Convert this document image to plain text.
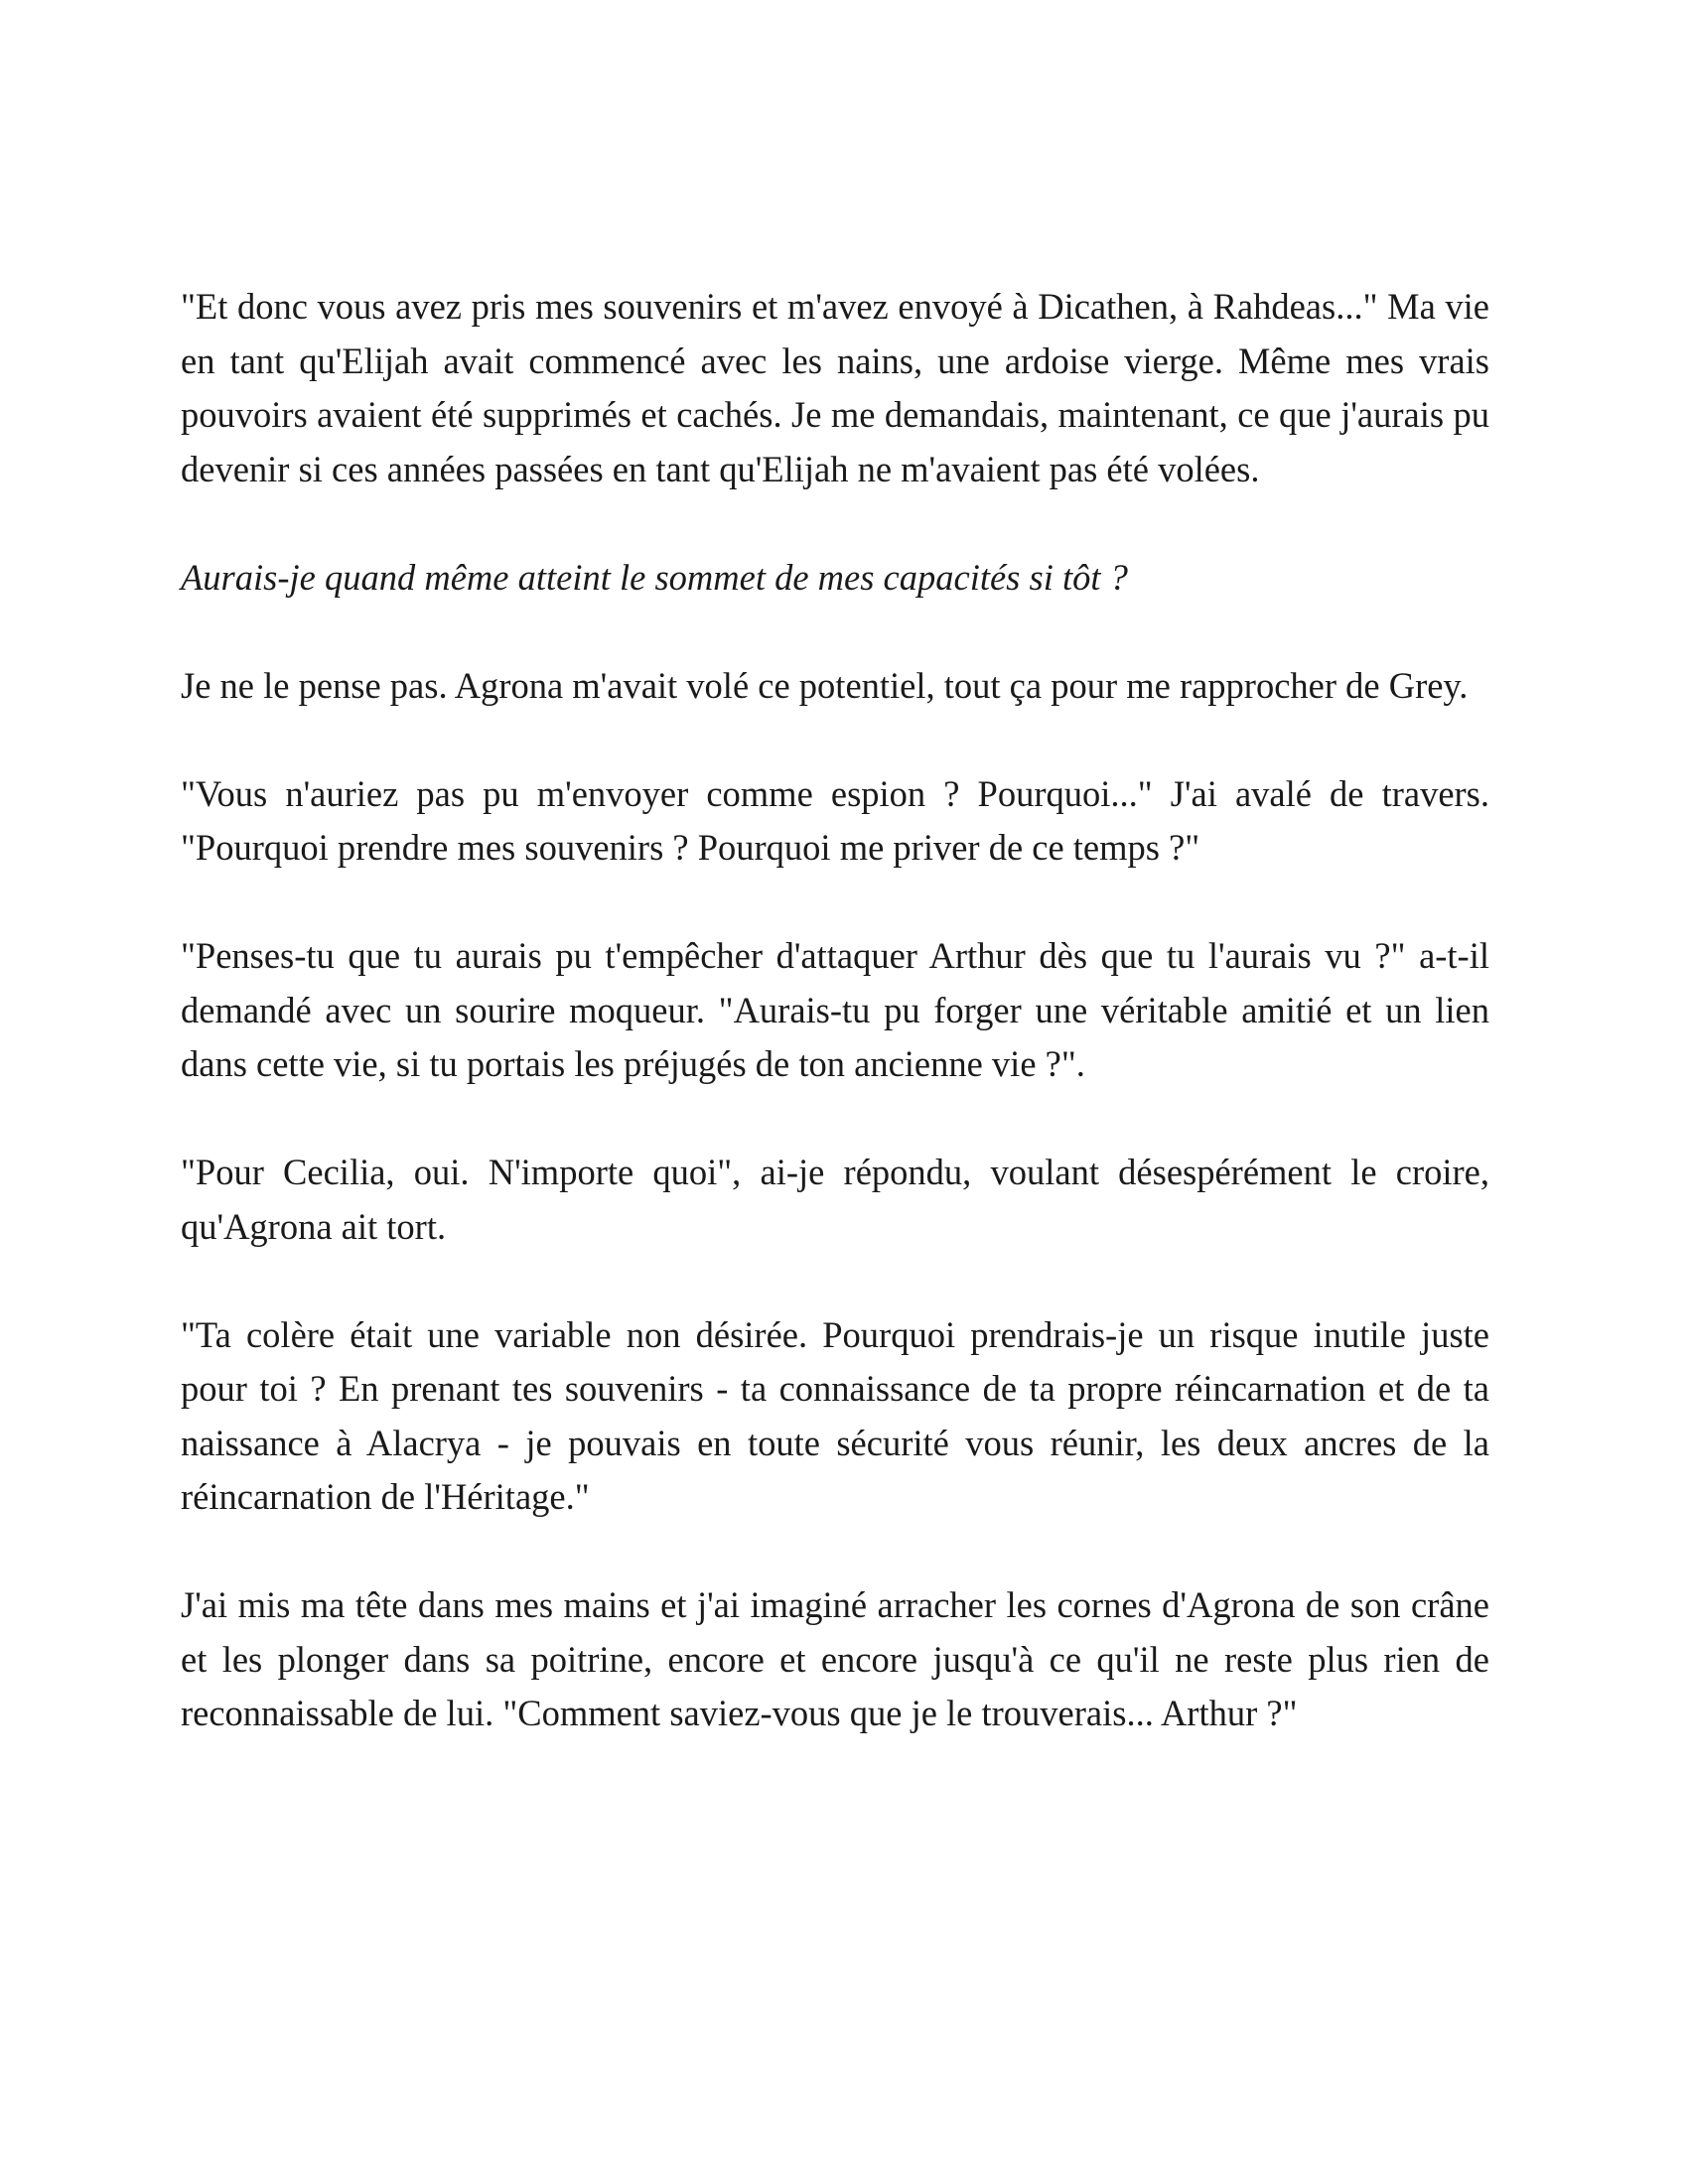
"Et donc vous avez pris mes souvenirs et m'avez envoyé à Dicathen, à Rahdeas..." Ma vie en tant qu'Elijah avait commencé avec les nains, une ardoise vierge. Même mes vrais pouvoirs avaient été supprimés et cachés. Je me demandais, maintenant, ce que j'aurais pu devenir si ces années passées en tant qu'Elijah ne m'avaient pas été volées.

Aurais-je quand même atteint le sommet de mes capacités si tôt ?

Je ne le pense pas. Agrona m'avait volé ce potentiel, tout ça pour me rapprocher de Grey.

"Vous n'auriez pas pu m'envoyer comme espion ? Pourquoi..." J'ai avalé de travers. "Pourquoi prendre mes souvenirs ? Pourquoi me priver de ce temps ?"

"Penses-tu que tu aurais pu t'empêcher d'attaquer Arthur dès que tu l'aurais vu ?" a-t-il demandé avec un sourire moqueur. "Aurais-tu pu forger une véritable amitié et un lien dans cette vie, si tu portais les préjugés de ton ancienne vie ?".

"Pour Cecilia, oui. N'importe quoi", ai-je répondu, voulant désespérément le croire, qu'Agrona ait tort.

"Ta colère était une variable non désirée. Pourquoi prendrais-je un risque inutile juste pour toi ? En prenant tes souvenirs - ta connaissance de ta propre réincarnation et de ta naissance à Alacrya - je pouvais en toute sécurité vous réunir, les deux ancres de la réincarnation de l'Héritage."

J'ai mis ma tête dans mes mains et j'ai imaginé arracher les cornes d'Agrona de son crâne et les plonger dans sa poitrine, encore et encore jusqu'à ce qu'il ne reste plus rien de reconnaissable de lui. "Comment saviez-vous que je le trouverais... Arthur ?"
